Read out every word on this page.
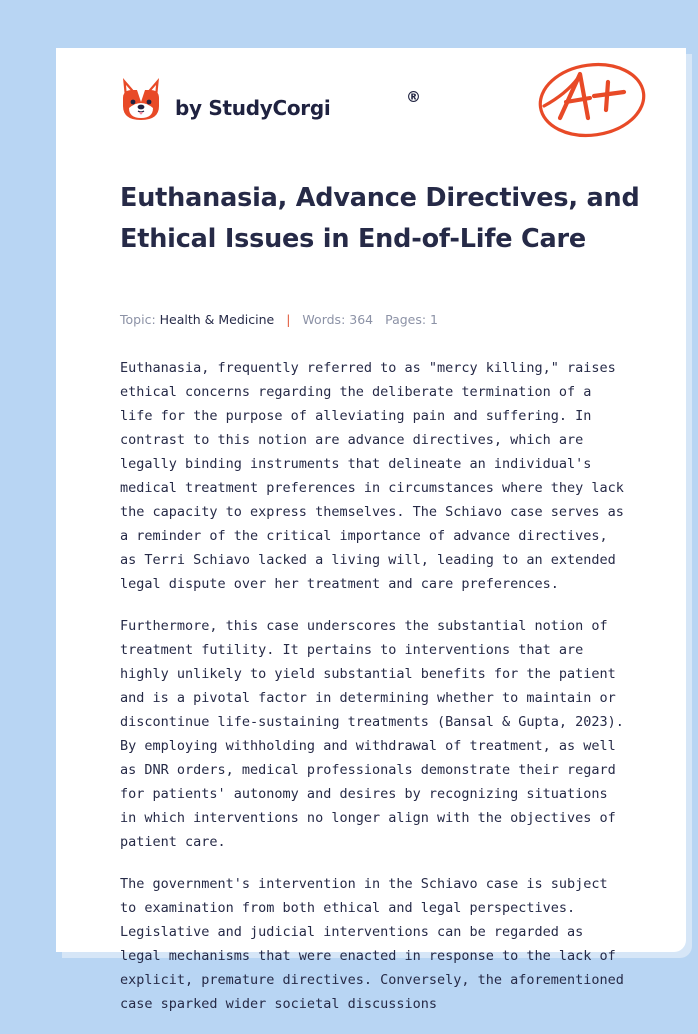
by StudyCorgi	®
Euthanasia, Advance Directives, and Ethical Issues in End-of-Life Care
Topic: Health & Medicine | Words: 364 Pages: 1

Euthanasia, frequently referred to as "mercy killing," raises ethical concerns regarding the deliberate termination of a life for the purpose of alleviating pain and suffering. In contrast to this notion are advance directives, which are legally binding instruments that delineate an individual's medical treatment preferences in circumstances where they lack the capacity to express themselves. The Schiavo case serves as a reminder of the critical importance of advance directives, as Terri Schiavo lacked a living will, leading to an extended legal dispute over her treatment and care preferences.

Furthermore, this case underscores the substantial notion of treatment futility. It pertains to interventions that are highly unlikely to yield substantial benefits for the patient and is a pivotal factor in determining whether to maintain or discontinue life-sustaining treatments (Bansal & Gupta, 2023). By employing withholding and withdrawal of treatment, as well as DNR orders, medical professionals demonstrate their regard for patients' autonomy and desires by recognizing situations in which interventions no longer align with the objectives of patient care.

The government's intervention in the Schiavo case is subject to examination from both ethical and legal perspectives. Legislative and judicial interventions can be regarded as legal mechanisms that were enacted in response to the lack of explicit, premature directives. Conversely, the aforementioned case sparked wider societal discussions
